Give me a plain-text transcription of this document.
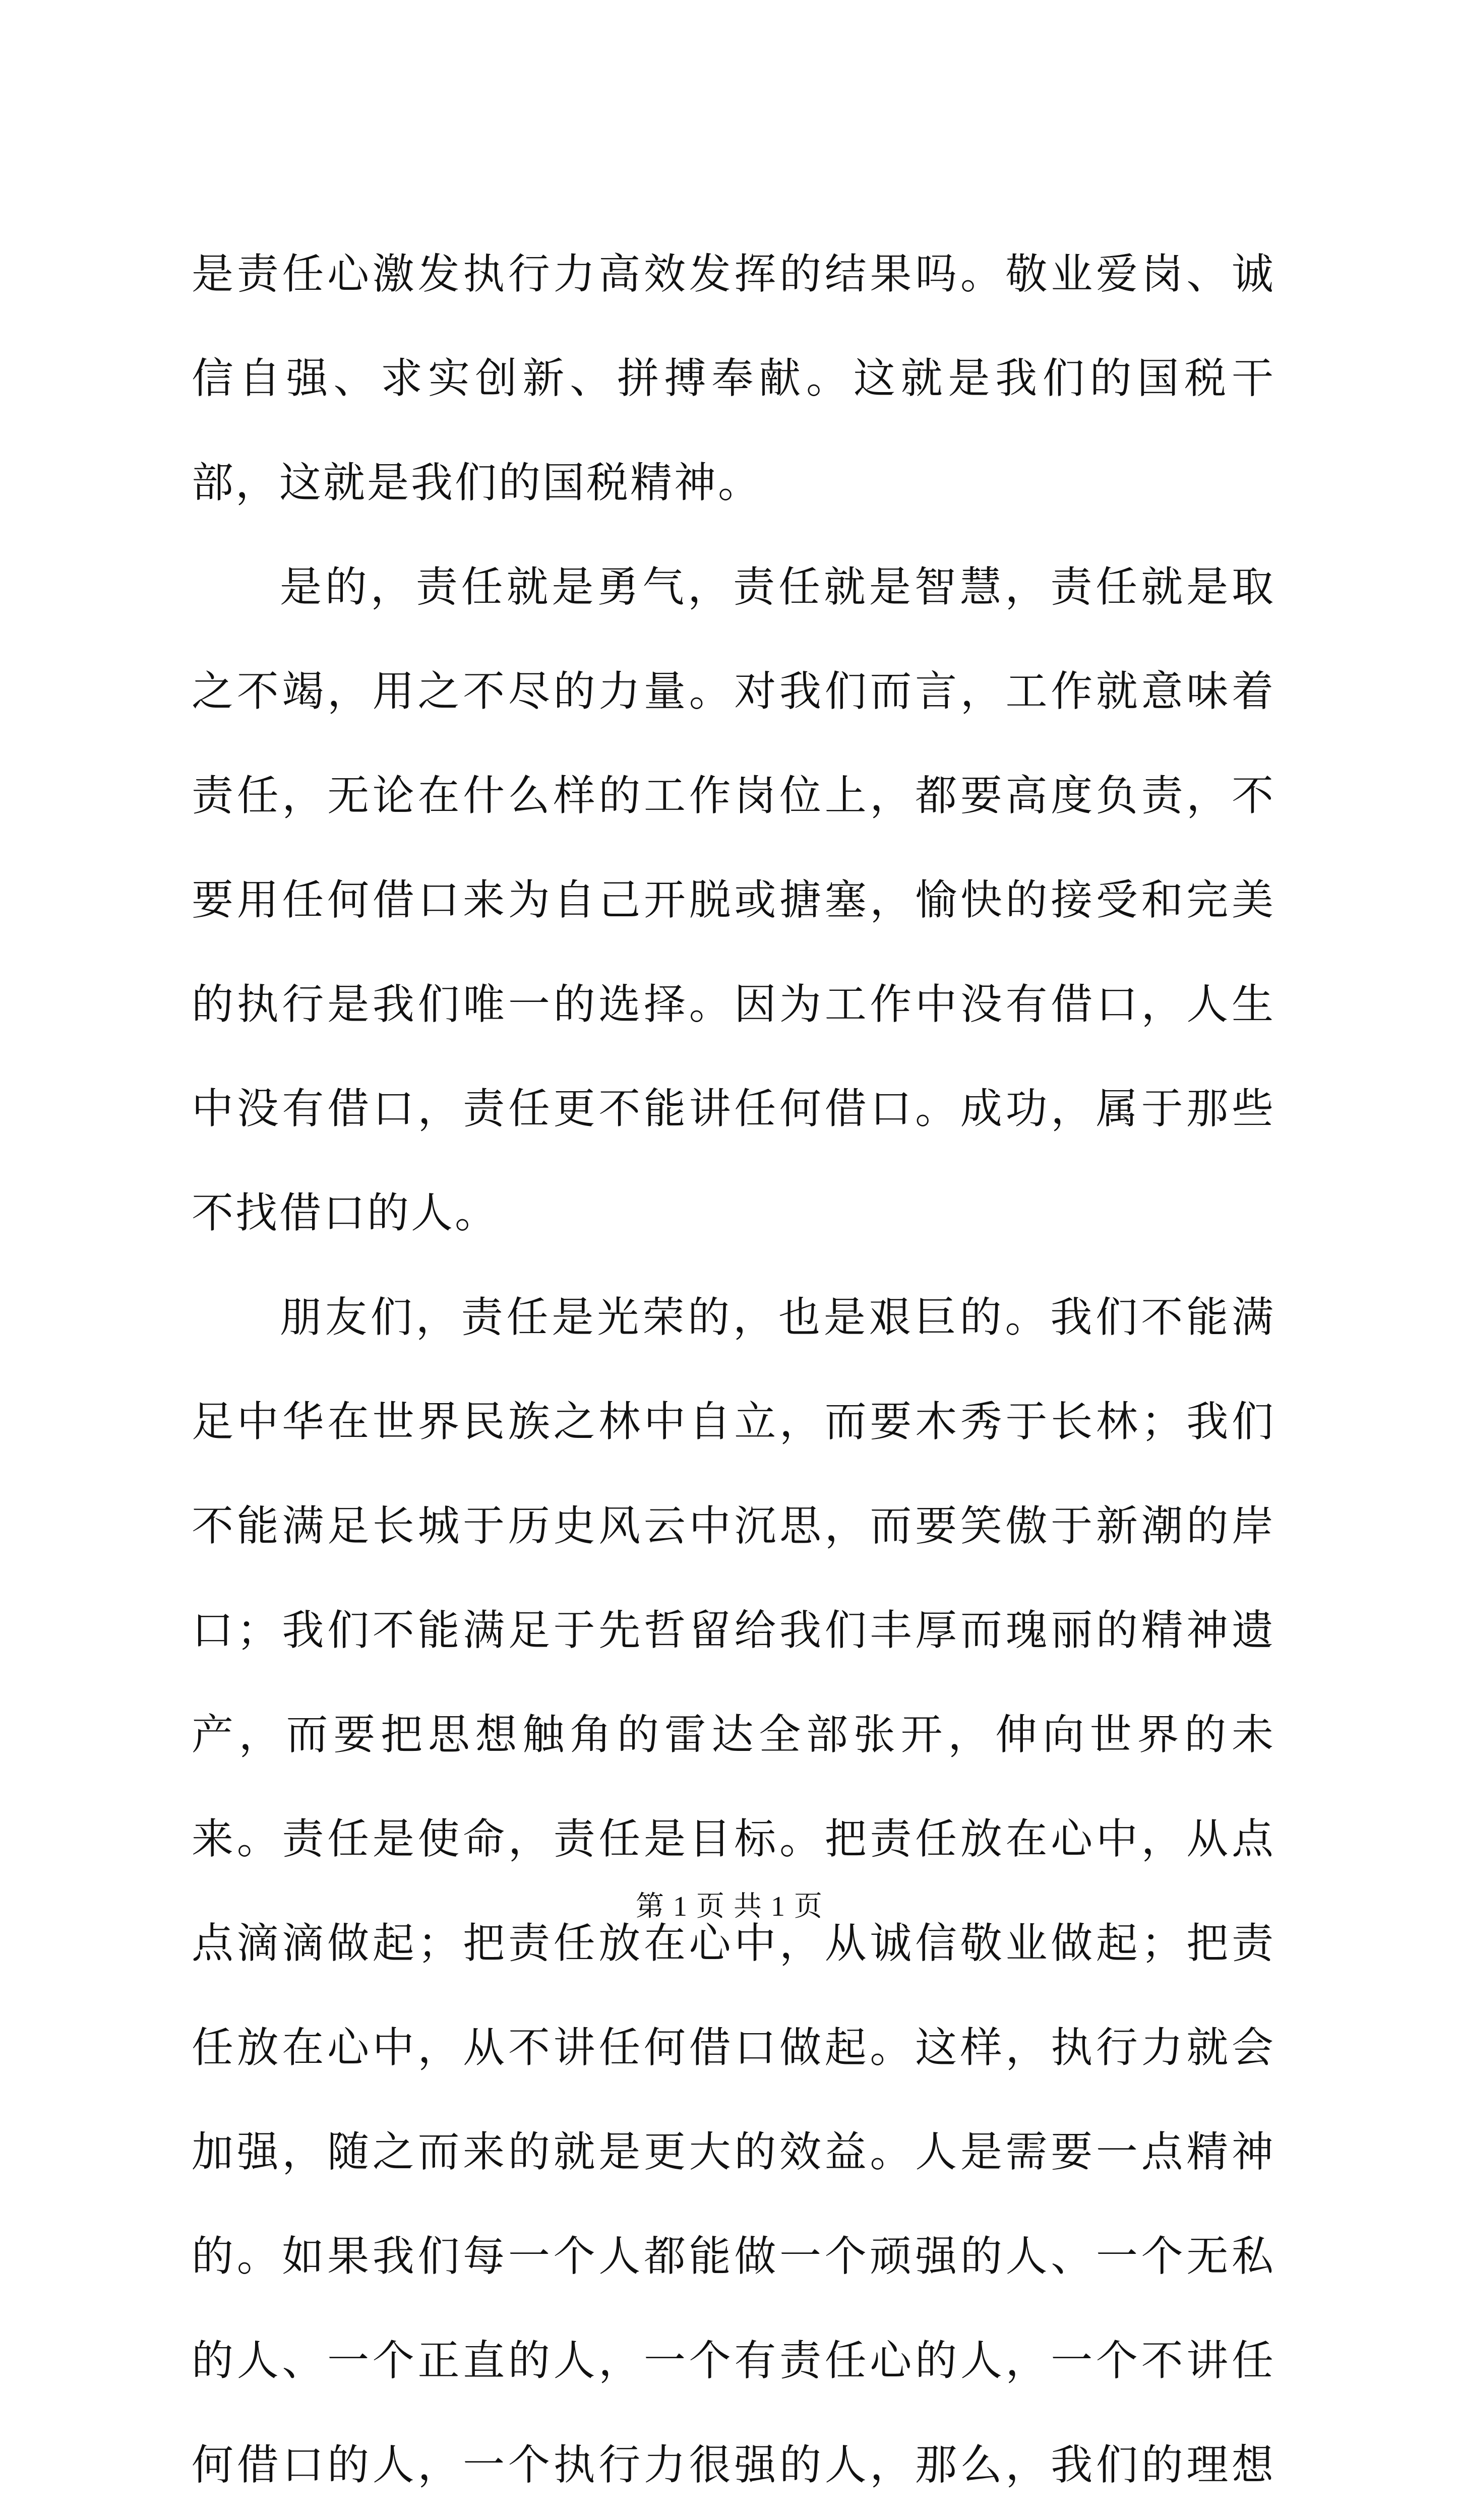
是责任心激发执行力高效发挥的结果吗。敬业爱岗、诚信自强、求实创新、拼搏奉献。这就是我们的国税干部，这就是我们的国税精神。

是的，责任就是勇气，责任就是智慧，责任就是取之不竭，用之不尽的力量。对我们而言，工作就意味着责任，无论在什么样的工作岗位上，都要高度负责，不要用任何借口来为自己开脱或搪塞，愉快的接受和完美的执行是我们唯一的选择。因为工作中没有借口，人生中没有借口，责任更不能讲任何借口。成功，属于那些不找借口的人。

朋友们，责任是光荣的，也是艰巨的。我们不能满足中华在世界民族之林中自立，而要木秀于长林；我们不能满足长城于历史风云中沉思，而要笑傲于新潮的岸口；我们不能满足于先哲留给我们丰厚而瑰丽的精神遗产，而要把思想触角的雷达全部张开，伸向世界的未来。责任是使命，责任是目标。把责任放在心中，从点点滴滴做起；把责任放在心中，从诚信敬业做起；把责任放在心中，从不讲任何借口做起。这样，执行力就会加强，随之而来的就是更大的效益。人是需要一点精神的。如果我们每一个人都能做一个顽强的人、一个无私的人、一个正直的人，一个有责任心的人，一个不讲任何借口的人，一个执行力很强的人，那么，我们的理想

第 1 页 共 1 页
